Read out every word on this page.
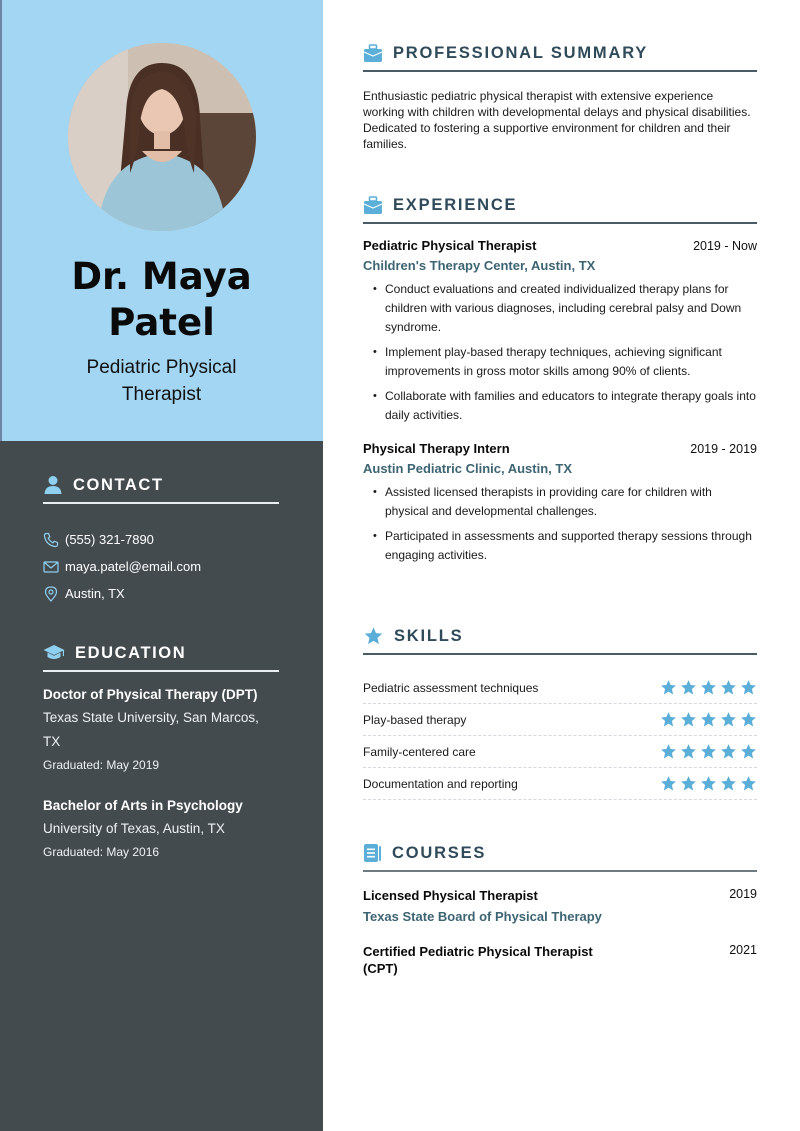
Dr. Maya
Patel
Pediatric Physical
Therapist
CONTACT
(555) 321-7890
maya.patel@email.com
Austin, TX
EDUCATION
Doctor of Physical Therapy (DPT)
Texas State University, San Marcos, TX
Graduated: May 2019
Bachelor of Arts in Psychology
University of Texas, Austin, TX
Graduated: May 2016
PROFESSIONAL SUMMARY

Enthusiastic pediatric physical therapist with extensive experience working with children with developmental delays and physical disabilities. Dedicated to fostering a supportive environment for children and their families.

EXPERIENCE
Pediatric Physical Therapist	2019 - Now
Children's Therapy Center, Austin, TX
• Conduct evaluations and created individualized therapy plans for children with various diagnoses, including cerebral palsy and Down syndrome.
• Implement play-based therapy techniques, achieving significant improvements in gross motor skills among 90% of clients.
• Collaborate with families and educators to integrate therapy goals into daily activities.
Physical Therapy Intern	2019 - 2019
Austin Pediatric Clinic, Austin, TX
• Assisted licensed therapists in providing care for children with physical and developmental challenges.
• Participated in assessments and supported therapy sessions through engaging activities.
SKILLS
Pediatric assessment techniques
Play-based therapy
Family-centered care
Documentation and reporting
COURSES
Licensed Physical Therapist
Texas State Board of Physical Therapy
2019
Certified Pediatric Physical Therapist (CPT)
2021
